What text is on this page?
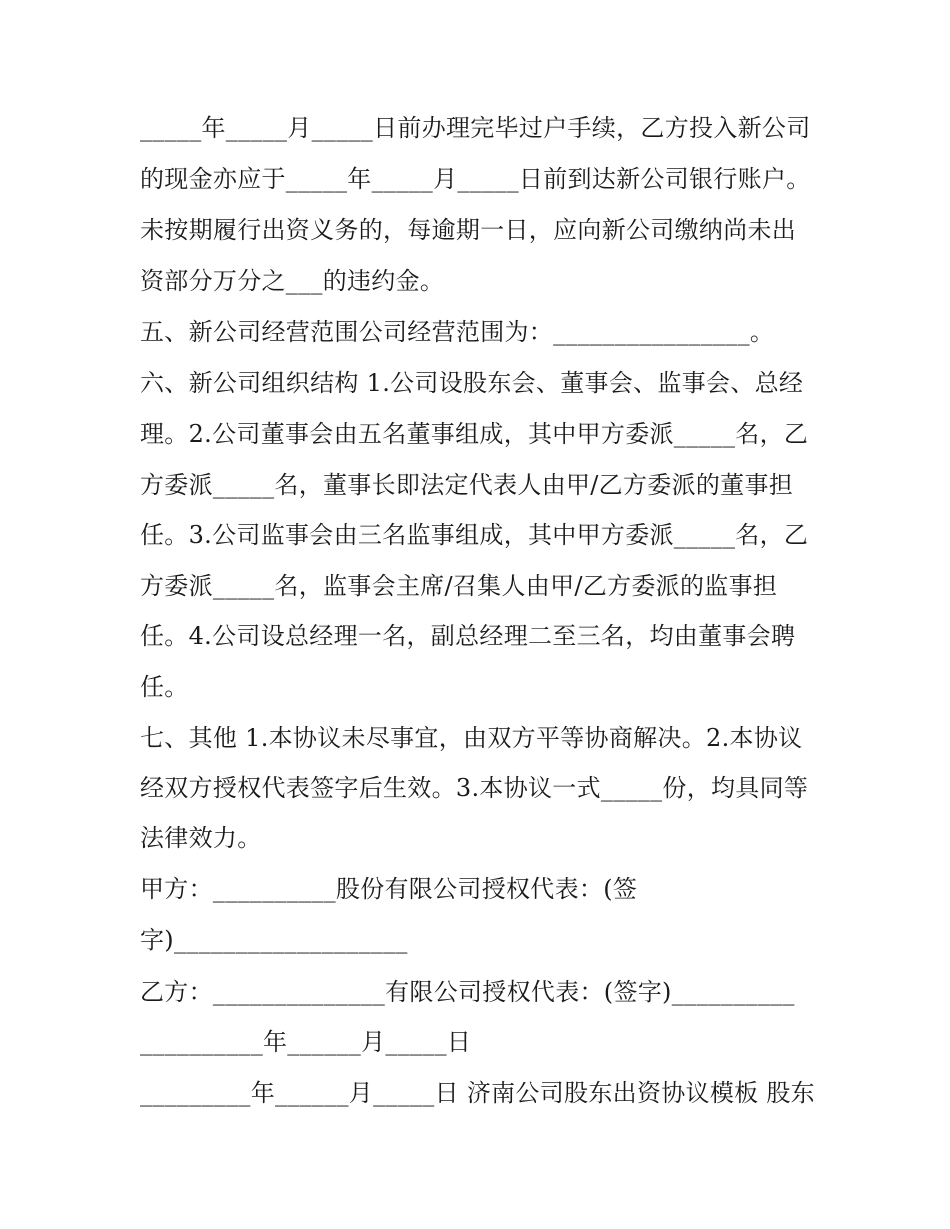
_____年_____月_____日前办理完毕过户手续，乙方投入新公司
的现金亦应于_____年_____月_____日前到达新公司银行账户。
未按期履行出资义务的，每逾期一日，应向新公司缴纳尚未出
资部分万分之___的违约金。
五、新公司经营范围公司经营范围为：________________。
六、新公司组织结构 1.公司设股东会、董事会、监事会、总经
理。2.公司董事会由五名董事组成，其中甲方委派_____名，乙
方委派_____名，董事长即法定代表人由甲/乙方委派的董事担
任。3.公司监事会由三名监事组成，其中甲方委派_____名，乙
方委派_____名，监事会主席/召集人由甲/乙方委派的监事担
任。4.公司设总经理一名，副总经理二至三名，均由董事会聘
任。
七、其他 1.本协议未尽事宜，由双方平等协商解决。2.本协议
经双方授权代表签字后生效。3.本协议一式_____份，均具同等
法律效力。
甲方：__________股份有限公司授权代表：(签
字)___________________
乙方：______________有限公司授权代表：(签字)__________
__________年______月_____日
_________年______月_____日 济南公司股东出资协议模板 股东
